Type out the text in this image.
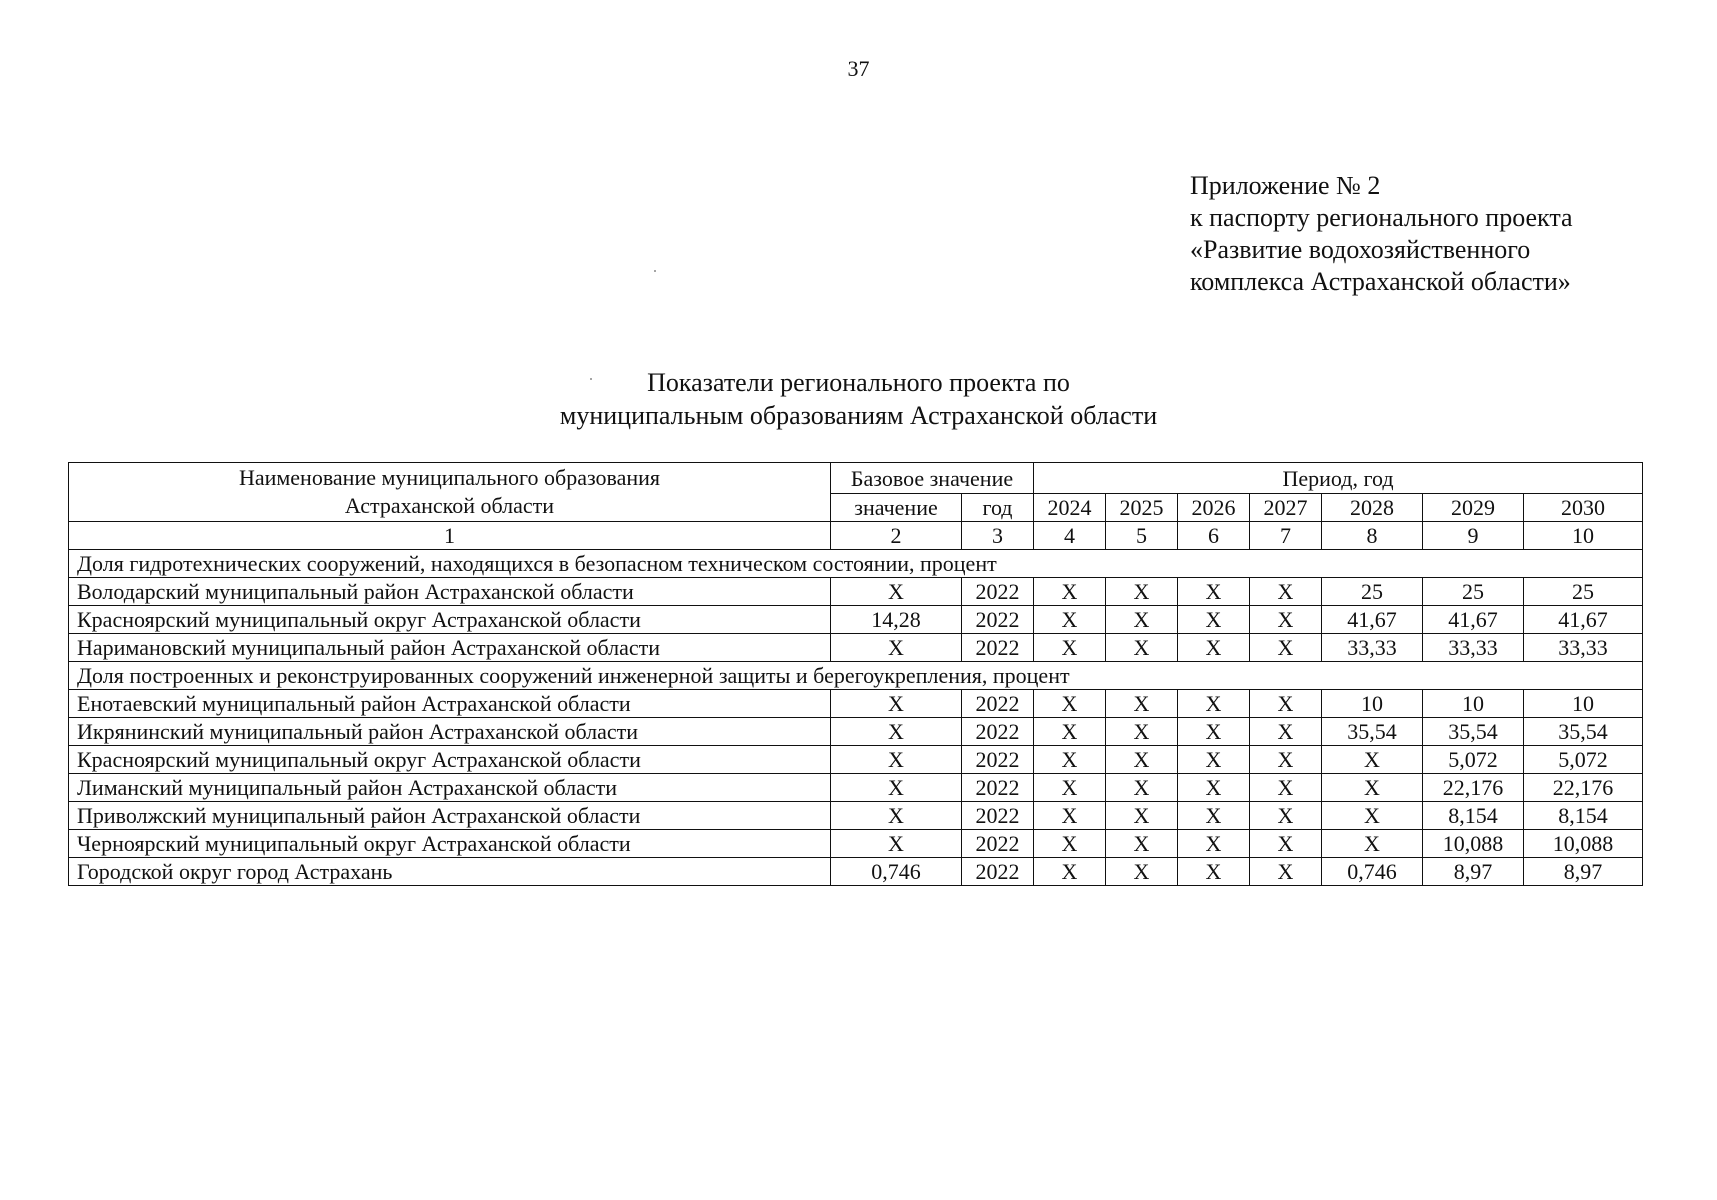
37
Приложение № 2
к паспорту регионального проекта
«Развитие водохозяйственного
комплекса Астраханской области»
Показатели регионального проекта по
муниципальным образованиям Астраханской области
Наименование муниципального образования
Астраханской области	Базовое значение		Период, год						
	значение	год	2024	2025	2026	2027	2028	2029	2030
1	2	3	4	5	6	7	8	9	10
Доля гидротехнических сооружений, находящихся в безопасном техническом состоянии, процент									
Володарский муниципальный район Астраханской области	X	2022	X	X	X	X	25	25	25
Красноярский муниципальный округ Астраханской области	14,28	2022	X	X	X	X	41,67	41,67	41,67
Наримановский муниципальный район Астраханской области	X	2022	X	X	X	X	33,33	33,33	33,33
Доля построенных и реконструированных сооружений инженерной защиты и берегоукрепления, процент									
Енотаевский муниципальный район Астраханской области	X	2022	X	X	X	X	10	10	10
Икрянинский муниципальный район Астраханской области	X	2022	X	X	X	X	35,54	35,54	35,54
Красноярский муниципальный округ Астраханской области	X	2022	X	X	X	X	X	5,072	5,072
Лиманский муниципальный район Астраханской области	X	2022	X	X	X	X	X	22,176	22,176
Приволжский муниципальный район Астраханской области	X	2022	X	X	X	X	X	8,154	8,154
Черноярский муниципальный округ Астраханской области	X	2022	X	X	X	X	X	10,088	10,088
Городской округ город Астрахань	0,746	2022	X	X	X	X	0,746	8,97	8,97
